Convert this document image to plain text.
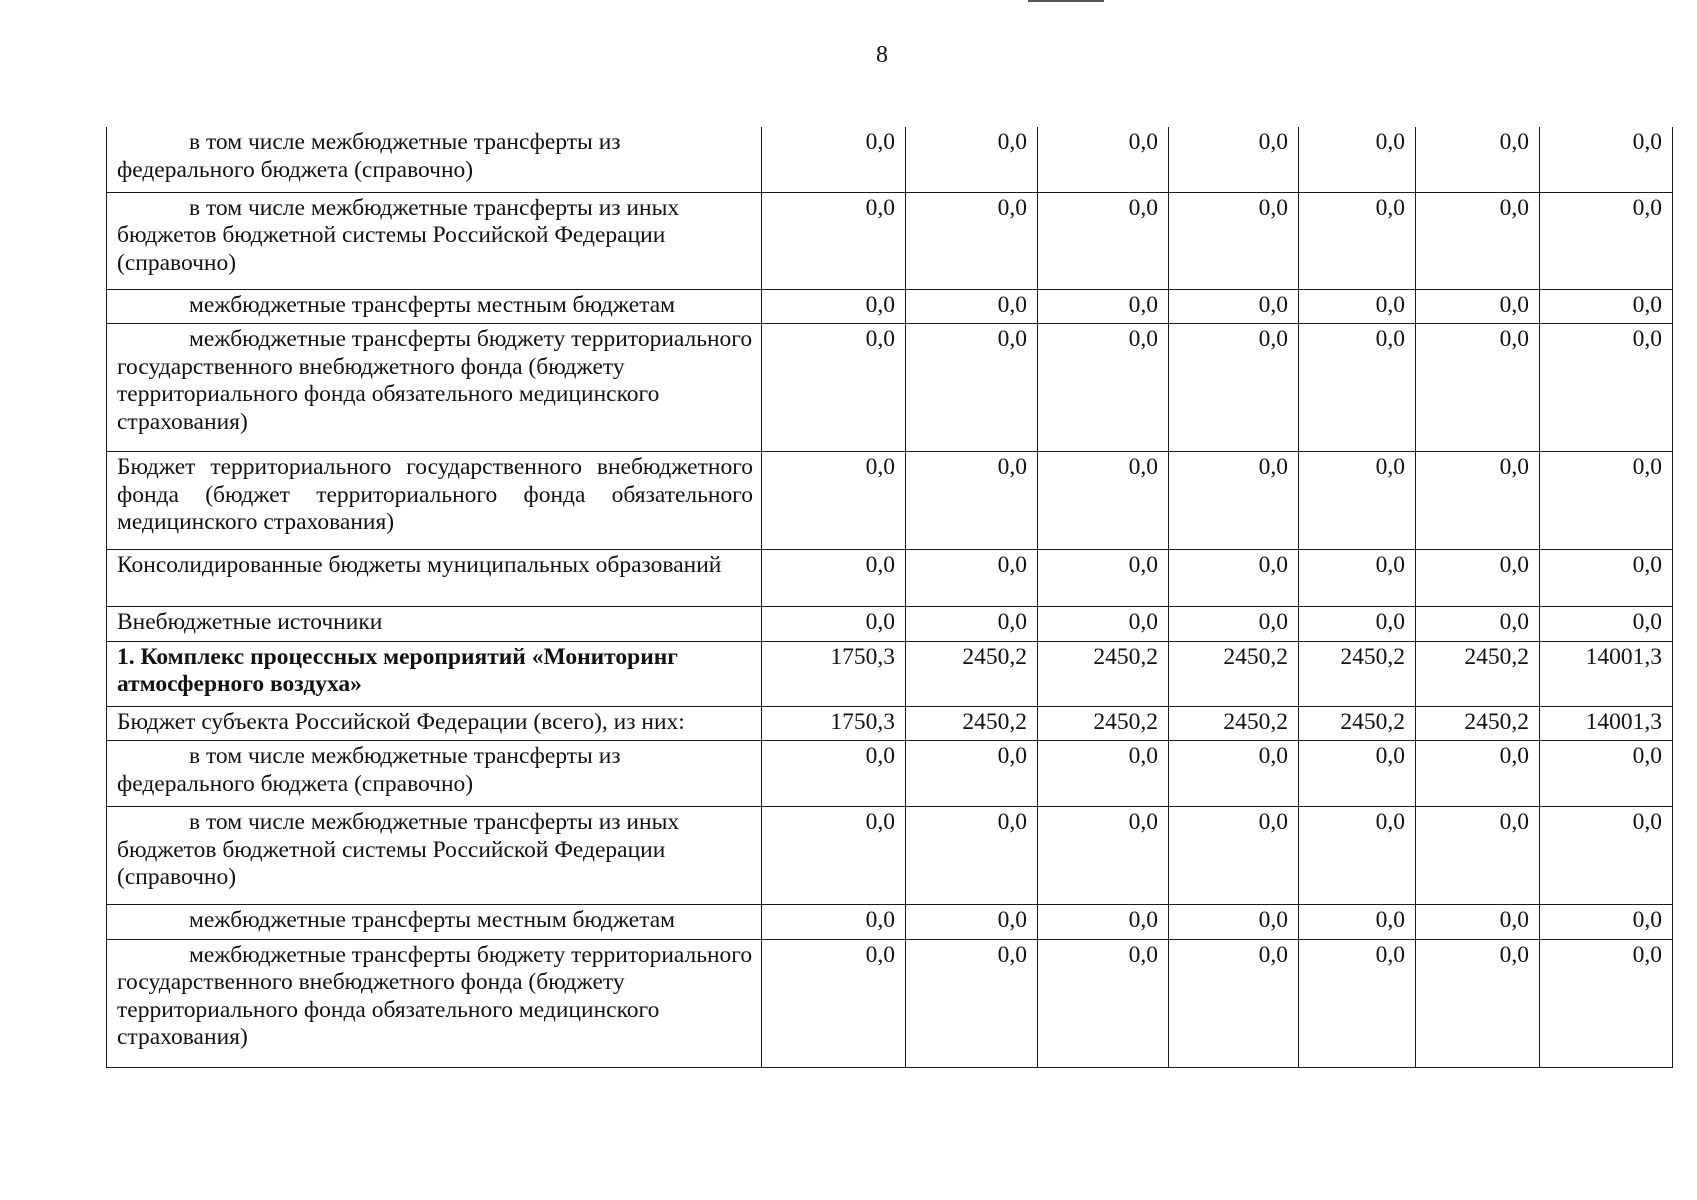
8
в том числе межбюджетные трансферты из федерального бюджета (справочно)	0,0	0,0	0,0	0,0	0,0	0,0	0,0

в том числе межбюджетные трансферты из иных бюджетов бюджетной системы Российской Федерации (справочно)	0,0	0,0	0,0	0,0	0,0	0,0	0,0

межбюджетные трансферты местным бюджетам	0,0	0,0	0,0	0,0	0,0	0,0	0,0

межбюджетные трансферты бюджету территориального государственного внебюджетного фонда (бюджету территориального фонда обязательного медицинского страхования)	0,0	0,0	0,0	0,0	0,0	0,0	0,0

Бюджет территориального государственного внебюджетного фонда (бюджет территориального фонда обязательного медицинского страхования)	0,0	0,0	0,0	0,0	0,0	0,0	0,0

Консолидированные бюджеты муниципальных образований	0,0	0,0	0,0	0,0	0,0	0,0	0,0
Внебюджетные источники	0,0	0,0	0,0	0,0	0,0	0,0	0,0
1. Комплекс процессных мероприятий «Мониторинг атмосферного воздуха»	1750,3	2450,2	2450,2	2450,2	2450,2	2450,2	14001,3
Бюджет субъекта Российской Федерации (всего), из них:	1750,3	2450,2	2450,2	2450,2	2450,2	2450,2	14001,3

в том числе межбюджетные трансферты из федерального бюджета (справочно)	0,0	0,0	0,0	0,0	0,0	0,0	0,0

в том числе межбюджетные трансферты из иных бюджетов бюджетной системы Российской Федерации (справочно)	0,0	0,0	0,0	0,0	0,0	0,0	0,0

межбюджетные трансферты местным бюджетам	0,0	0,0	0,0	0,0	0,0	0,0	0,0

межбюджетные трансферты бюджету территориального государственного внебюджетного фонда (бюджету территориального фонда обязательного медицинского страхования)	0,0	0,0	0,0	0,0	0,0	0,0	0,0
